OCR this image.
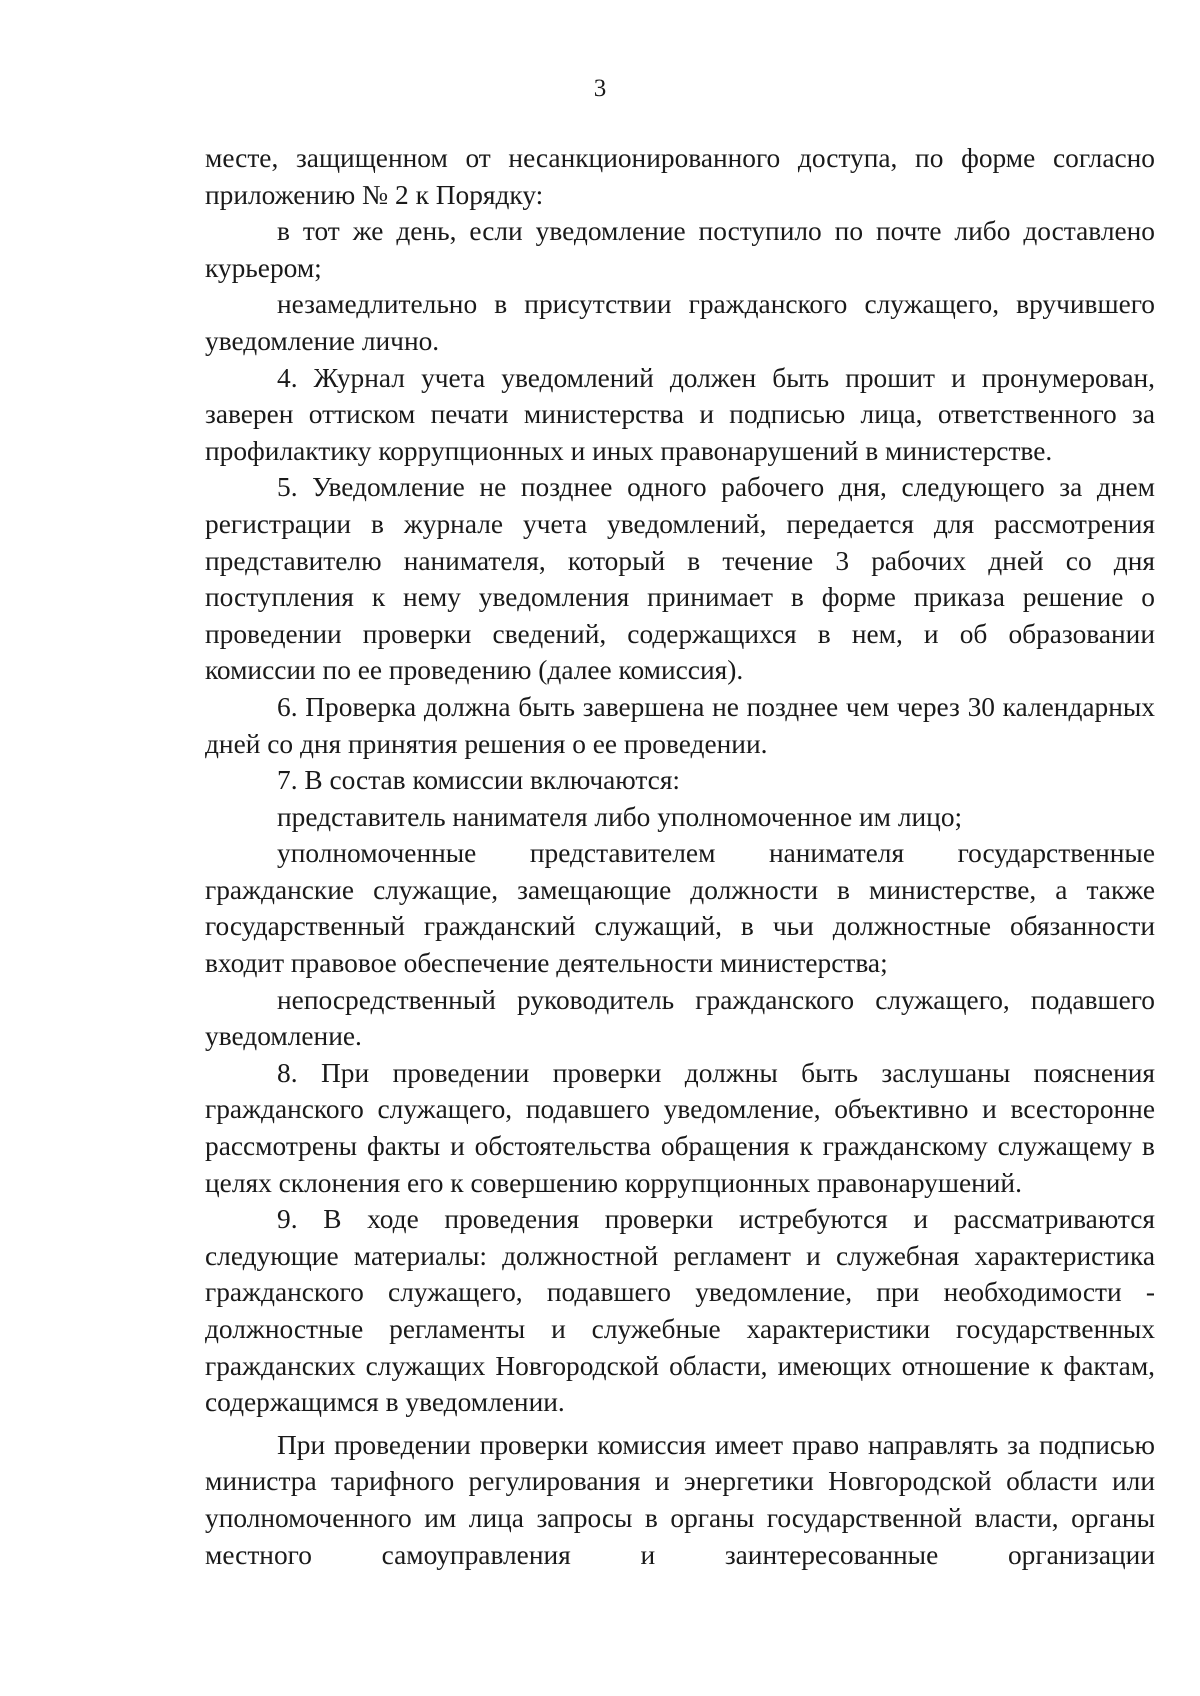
3

месте, защищенном от несанкционированного доступа, по форме согласно приложению № 2 к Порядку:

в тот же день, если уведомление поступило по почте либо доставлено курьером;

незамедлительно в присутствии гражданского служащего, вручившего уведомление лично.

4. Журнал учета уведомлений должен быть прошит и пронумерован, заверен оттиском печати министерства и подписью лица, ответственного за профилактику коррупционных и иных правонарушений в министерстве.

5. Уведомление не позднее одного рабочего дня, следующего за днем регистрации в журнале учета уведомлений, передается для рассмотрения представителю нанимателя, который в течение 3 рабочих дней со дня поступления к нему уведомления принимает в форме приказа решение о проведении проверки сведений, содержащихся в нем, и об образовании комиссии по ее проведению (далее комиссия).

6. Проверка должна быть завершена не позднее чем через 30 календарных дней со дня принятия решения о ее проведении.

7. В состав комиссии включаются:

представитель нанимателя либо уполномоченное им лицо;

уполномоченные представителем нанимателя государственные гражданские служащие, замещающие должности в министерстве, а также государственный гражданский служащий, в чьи должностные обязанности входит правовое обеспечение деятельности министерства;

непосредственный руководитель гражданского служащего, подавшего уведомление.

8. При проведении проверки должны быть заслушаны пояснения гражданского служащего, подавшего уведомление, объективно и всесторонне рассмотрены факты и обстоятельства обращения к гражданскому служащему в целях склонения его к совершению коррупционных правонарушений.

9. В ходе проведения проверки истребуются и рассматриваются следующие материалы: должностной регламент и служебная характеристика гражданского служащего, подавшего уведомление, при необходимости - должностные регламенты и служебные характеристики государственных гражданских служащих Новгородской области, имеющих отношение к фактам, содержащимся в уведомлении.

При проведении проверки комиссия имеет право направлять за подписью министра тарифного регулирования и энергетики Новгородской области или уполномоченного им лица запросы в органы государственной власти, органы местного самоуправления и заинтересованные организации
